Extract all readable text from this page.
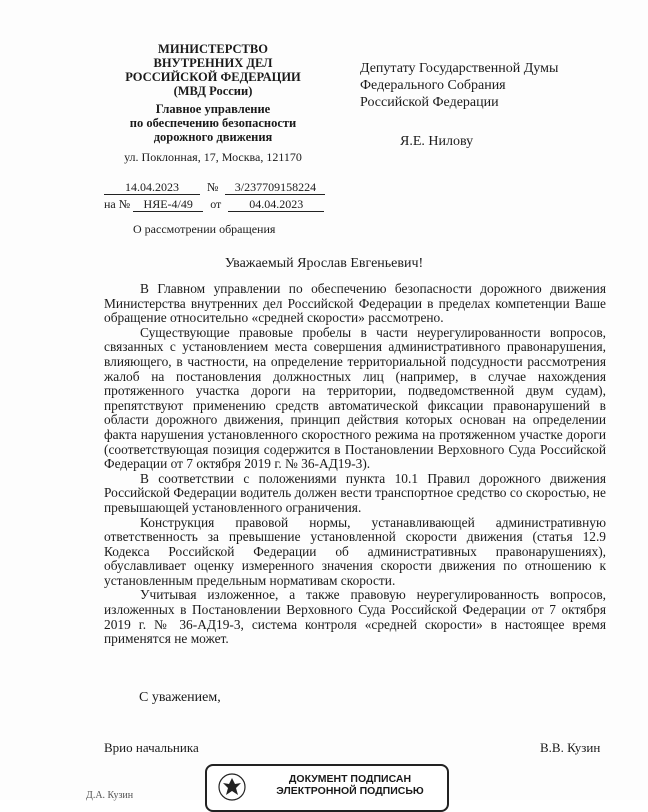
МИНИСТЕРСТВО
ВНУТРЕННИХ ДЕЛ
РОССИЙСКОЙ ФЕДЕРАЦИИ
(МВД России)
Главное управление
по обеспечению безопасности
дорожного движения
ул. Поклонная, 17, Москва, 121170
Депутату Государственной Думы
Федерального Собрания
Российской Федерации
Я.Е. Нилову
14.04.2023 № 3/237709158224
на № НЯЕ-4/49 от 04.04.2023
О рассмотрении обращения
Уважаемый Ярослав Евгеньевич!

В Главном управлении по обеспечению безопасности дорожного движения Министерства внутренних дел Российской Федерации в пределах компетенции Ваше обращение относительно «средней скорости» рассмотрено.

Существующие правовые пробелы в части неурегулированности вопросов, связанных с установлением места совершения административного правонарушения, влияющего, в частности, на определение территориальной подсудности рассмотрения жалоб на постановления должностных лиц (например, в случае нахождения протяженного участка дороги на территории, подведомственной двум судам), препятствуют применению средств автоматической фиксации правонарушений в области дорожного движения, принцип действия которых основан на определении факта нарушения установленного скоростного режима на протяженном участке дороги (соответствующая позиция содержится в Постановлении Верховного Суда Российской Федерации от 7 октября 2019 г. № 36-АД19-3).

В соответствии с положениями пункта 10.1 Правил дорожного движения Российской Федерации водитель должен вести транспортное средство со скоростью, не превышающей установленного ограничения.

Конструкция правовой нормы, устанавливающей административную ответственность за превышение установленной скорости движения (статья 12.9 Кодекса Российской Федерации об административных правонарушениях), обуславливает оценку измеренного значения скорости движения по отношению к установленным предельным нормативам скорости.

Учитывая изложенное, а также правовую неурегулированность вопросов, изложенных в Постановлении Верховного Суда Российской Федерации от 7 октября 2019 г. № 36-АД19-3, система контроля «средней скорости» в настоящее время применятся не может.

С уважением,
Врио начальника	В.В. Кузин
Д.А. Кузин
ДОКУМЕНТ ПОДПИСАН
ЭЛЕКТРОННОЙ ПОДПИСЬЮ
